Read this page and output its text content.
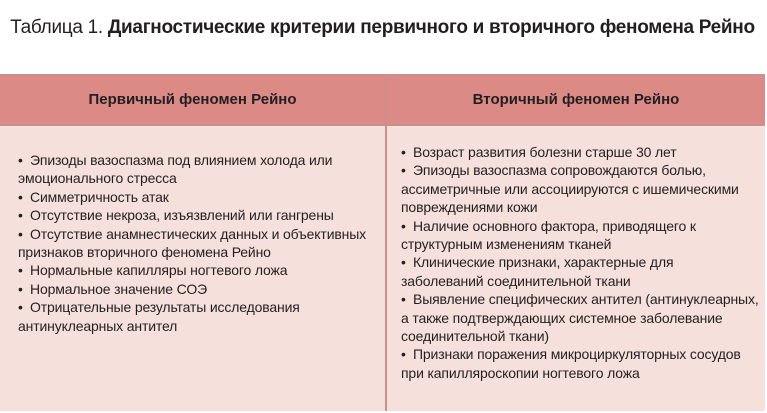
Таблица 1. Диагностические критерии первичного и вторичного феномена Рейно
Первичный феномен Рейно	Вторичный феномен Рейно
• Эпизоды вазоспазма под влиянием холода или эмоционального стресса
• Симметричность атак
• Отсутствие некроза, изъязвлений или гангрены
• Отсутствие анамнестических данных и объективных признаков вторичного феномена Рейно
• Нормальные капилляры ногтевого ложа
• Нормальное значение СОЭ
• Отрицательные результаты исследования антинуклеарных антител
• Возраст развития болезни старше 30 лет
• Эпизоды вазоспазма сопровождаются болью, ассиметричные или ассоциируются с ишемическими повреждениями кожи
• Наличие основного фактора, приводящего к структурным изменениям тканей
• Клинические признаки, характерные для заболеваний соединительной ткани
• Выявление специфических антител (антинуклеарных, а также подтверждающих системное заболевание соединительной ткани)
• Признаки поражения микроциркуляторных сосудов при капилляроскопии ногтевого ложа
